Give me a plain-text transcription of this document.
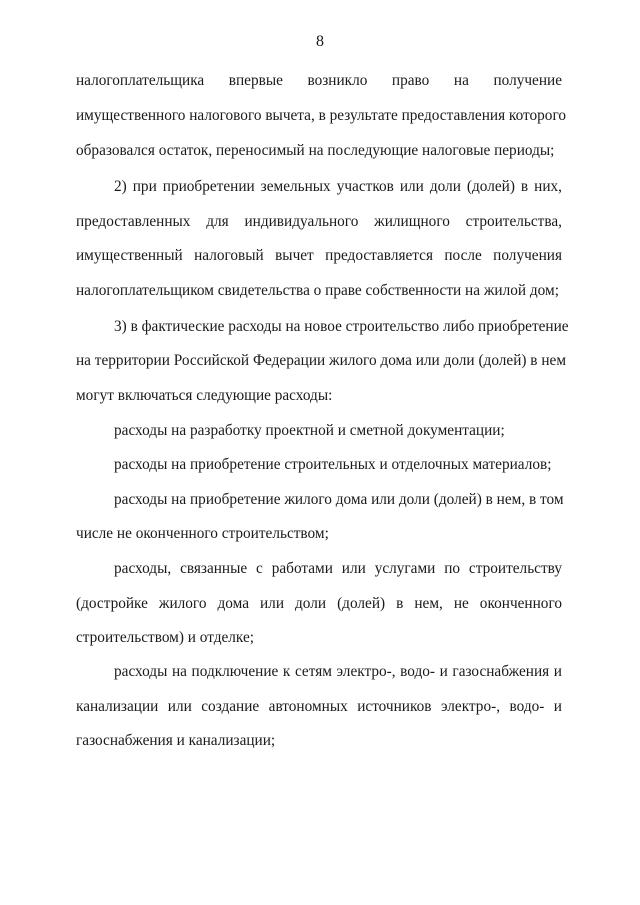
8
налогоплательщика впервые возникло право на получение
имущественного налогового вычета, в результате предоставления которого
образовался остаток, переносимый на последующие налоговые периоды;
2) при приобретении земельных участков или доли (долей) в них,
предоставленных для индивидуального жилищного строительства,
имущественный налоговый вычет предоставляется после получения
налогоплательщиком свидетельства о праве собственности на жилой дом;
3) в фактические расходы на новое строительство либо приобретение
на территории Российской Федерации жилого дома или доли (долей) в нем
могут включаться следующие расходы:
расходы на разработку проектной и сметной документации;
расходы на приобретение строительных и отделочных материалов;
расходы на приобретение жилого дома или доли (долей) в нем, в том
числе не оконченного строительством;
расходы, связанные с работами или услугами по строительству
(достройке жилого дома или доли (долей) в нем, не оконченного
строительством) и отделке;
расходы на подключение к сетям электро-, водо- и газоснабжения и
канализации или создание автономных источников электро-, водо- и
газоснабжения и канализации;
